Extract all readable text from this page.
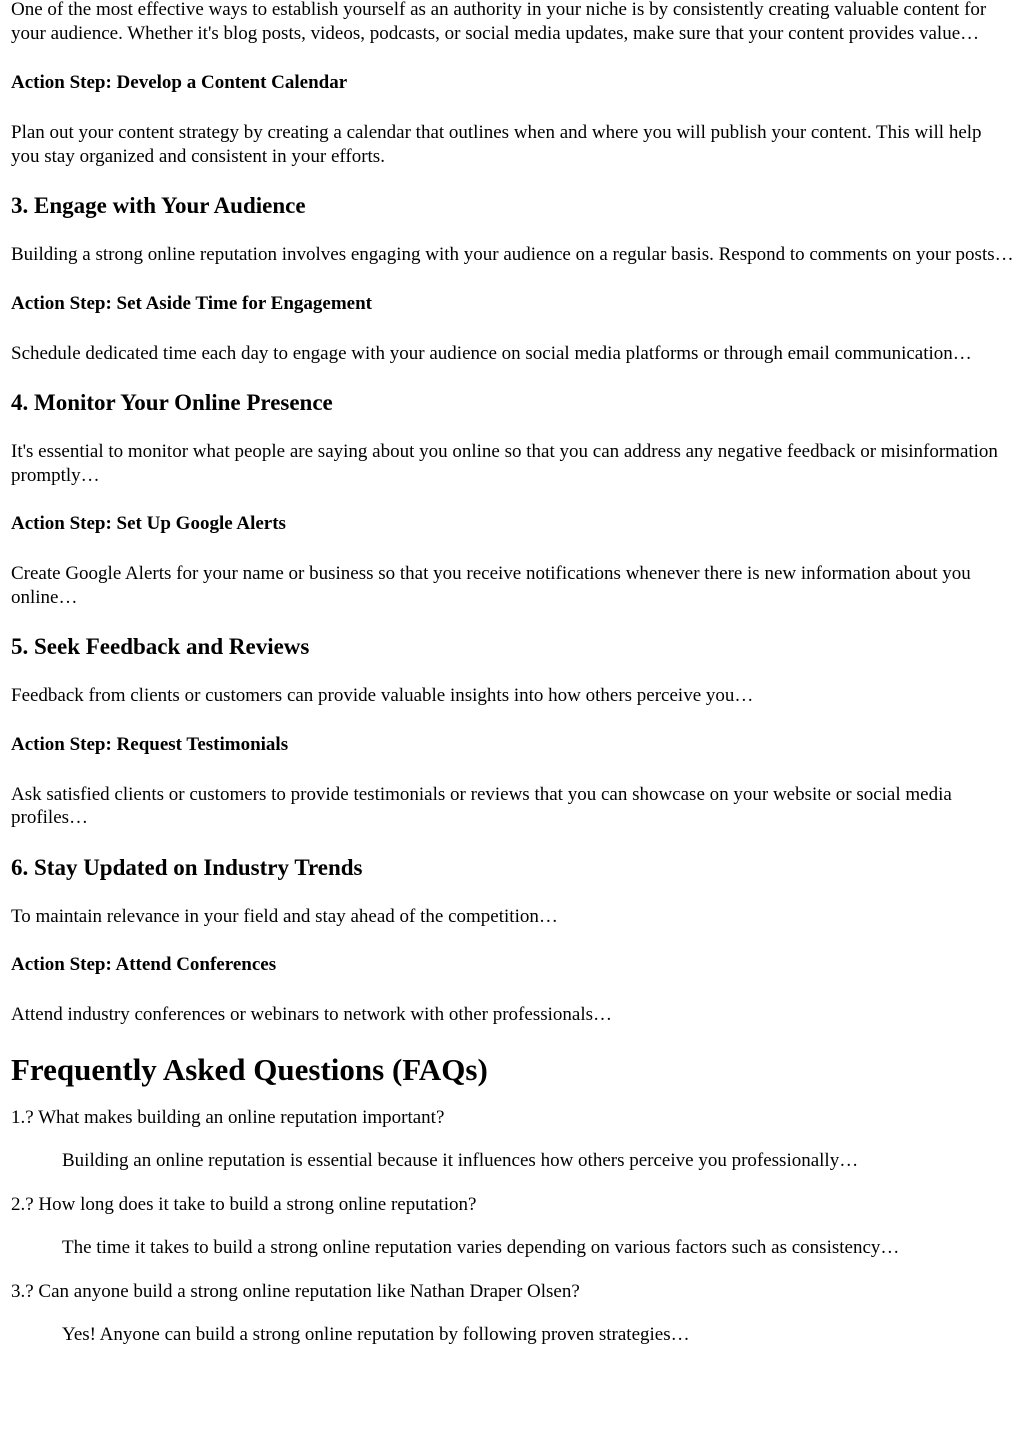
One of the most effective ways to establish yourself as an authority in your niche is by consistently creating valuable content for your audience. Whether it's blog posts, videos, podcasts, or social media updates, make sure that your content provides value…

Action Step: Develop a Content Calendar

Plan out your content strategy by creating a calendar that outlines when and where you will publish your content. This will help you stay organized and consistent in your efforts.

3. Engage with Your Audience

Building a strong online reputation involves engaging with your audience on a regular basis. Respond to comments on your posts…

Action Step: Set Aside Time for Engagement

Schedule dedicated time each day to engage with your audience on social media platforms or through email communication…

4. Monitor Your Online Presence

It's essential to monitor what people are saying about you online so that you can address any negative feedback or misinformation promptly…

Action Step: Set Up Google Alerts

Create Google Alerts for your name or business so that you receive notifications whenever there is new information about you online…

5. Seek Feedback and Reviews

Feedback from clients or customers can provide valuable insights into how others perceive you…

Action Step: Request Testimonials

Ask satisfied clients or customers to provide testimonials or reviews that you can showcase on your website or social media profiles…

6. Stay Updated on Industry Trends

To maintain relevance in your field and stay ahead of the competition…

Action Step: Attend Conferences

Attend industry conferences or webinars to network with other professionals…

Frequently Asked Questions (FAQs)

1.? What makes building an online reputation important?

Building an online reputation is essential because it influences how others perceive you professionally…

2.? How long does it take to build a strong online reputation?

The time it takes to build a strong online reputation varies depending on various factors such as consistency…

3.? Can anyone build a strong online reputation like Nathan Draper Olsen?

Yes! Anyone can build a strong online reputation by following proven strategies…
